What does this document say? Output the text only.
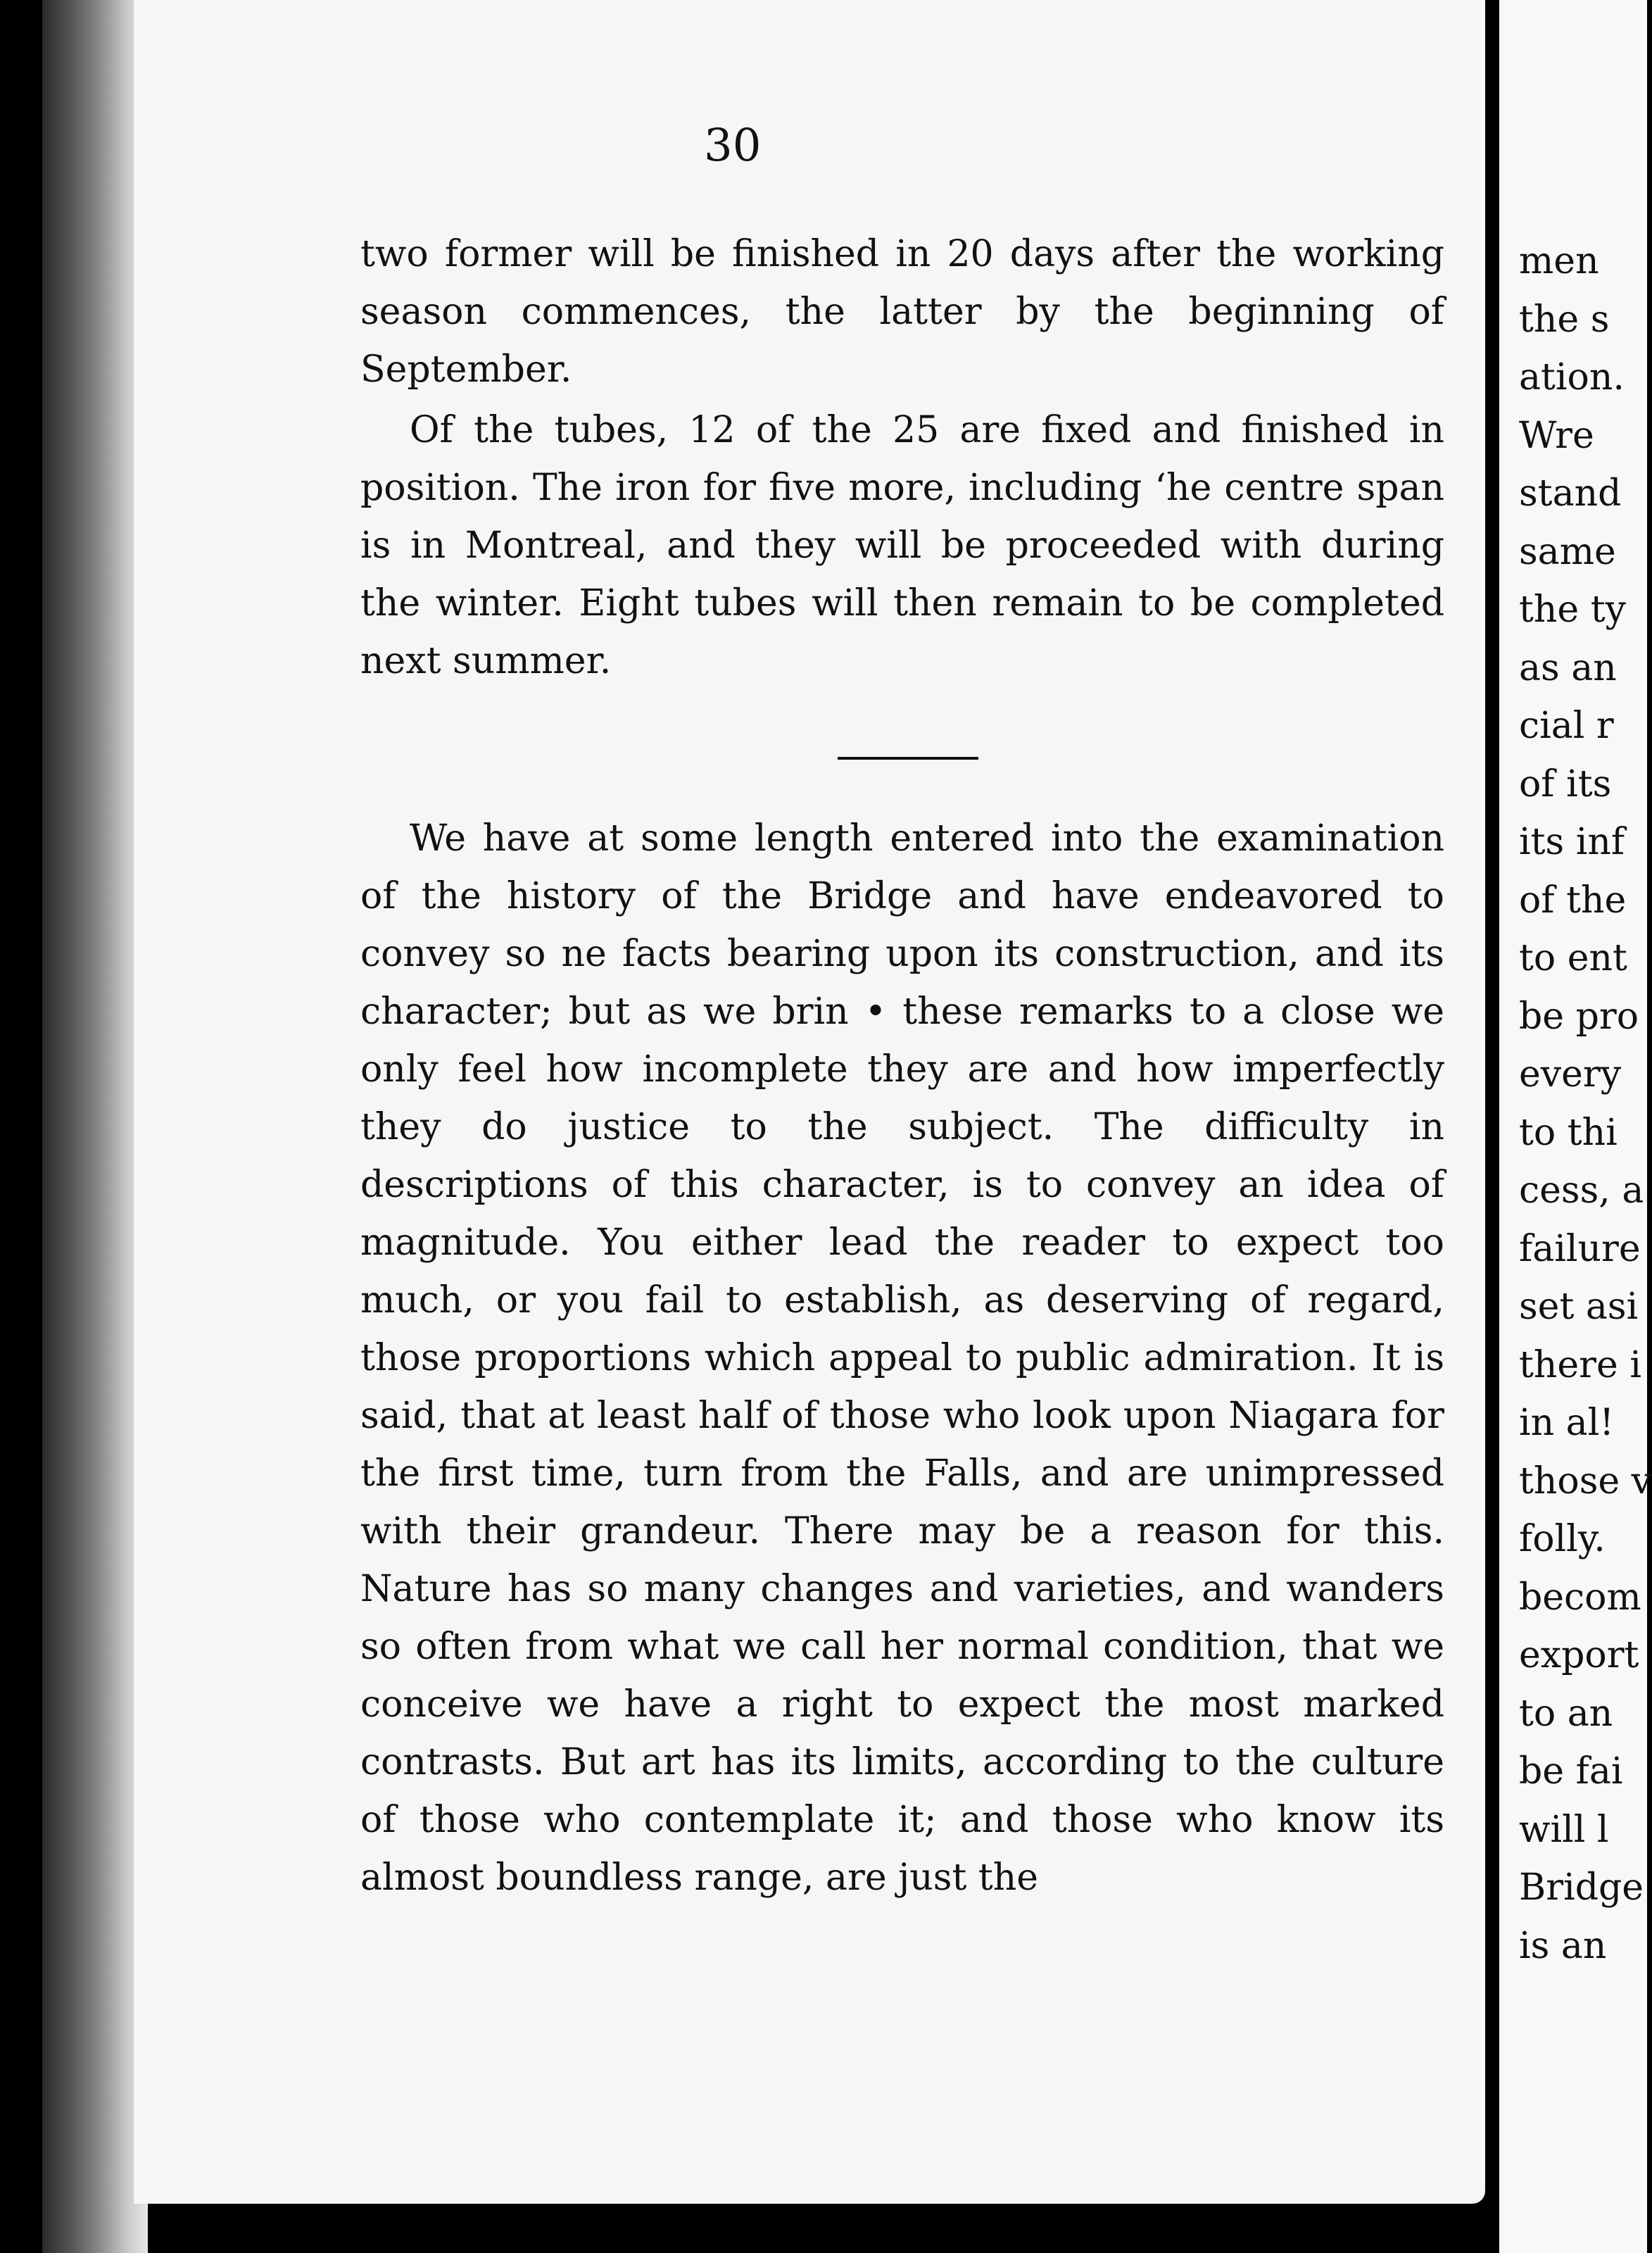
30

two former will be finished in 20 days after the working season commences, the latter by the beginning of September.

Of the tubes, 12 of the 25 are fixed and finished in position. The iron for five more, including ‘he centre span is in Montreal, and they will be proceeded with during the winter. Eight tubes will then remain to be completed next summer.

We have at some length entered into the examination of the history of the Bridge and have endeavored to convey so ne facts bearing upon its construction, and its character; but as we brin • these remarks to a close we only feel how incomplete they are and how imperfectly they do justice to the subject. The difficulty in descriptions of this character, is to convey an idea of magnitude. You either lead the reader to expect too much, or you fail to establish, as deserving of regard, those proportions which appeal to public admiration. It is said, that at least half of those who look upon Niagara for the first time, turn from the Falls, and are unimpressed with their grandeur. There may be a reason for this. Nature has so many changes and varieties, and wanders so often from what we call her normal condition, that we conceive we have a right to expect the most marked contrasts. But art has its limits, according to the culture of those who contemplate it; and those who know its almost boundless range, are just the

men
the s
ation.
Wre
stand
same
the ty
as an
cial r
of its
its inf
of the
to ent
be pro
every
to thi
cess, a
failure
set asi
there i
in al!
those v
folly.
becom
export
to an
be fai
will l
Bridge
is an
